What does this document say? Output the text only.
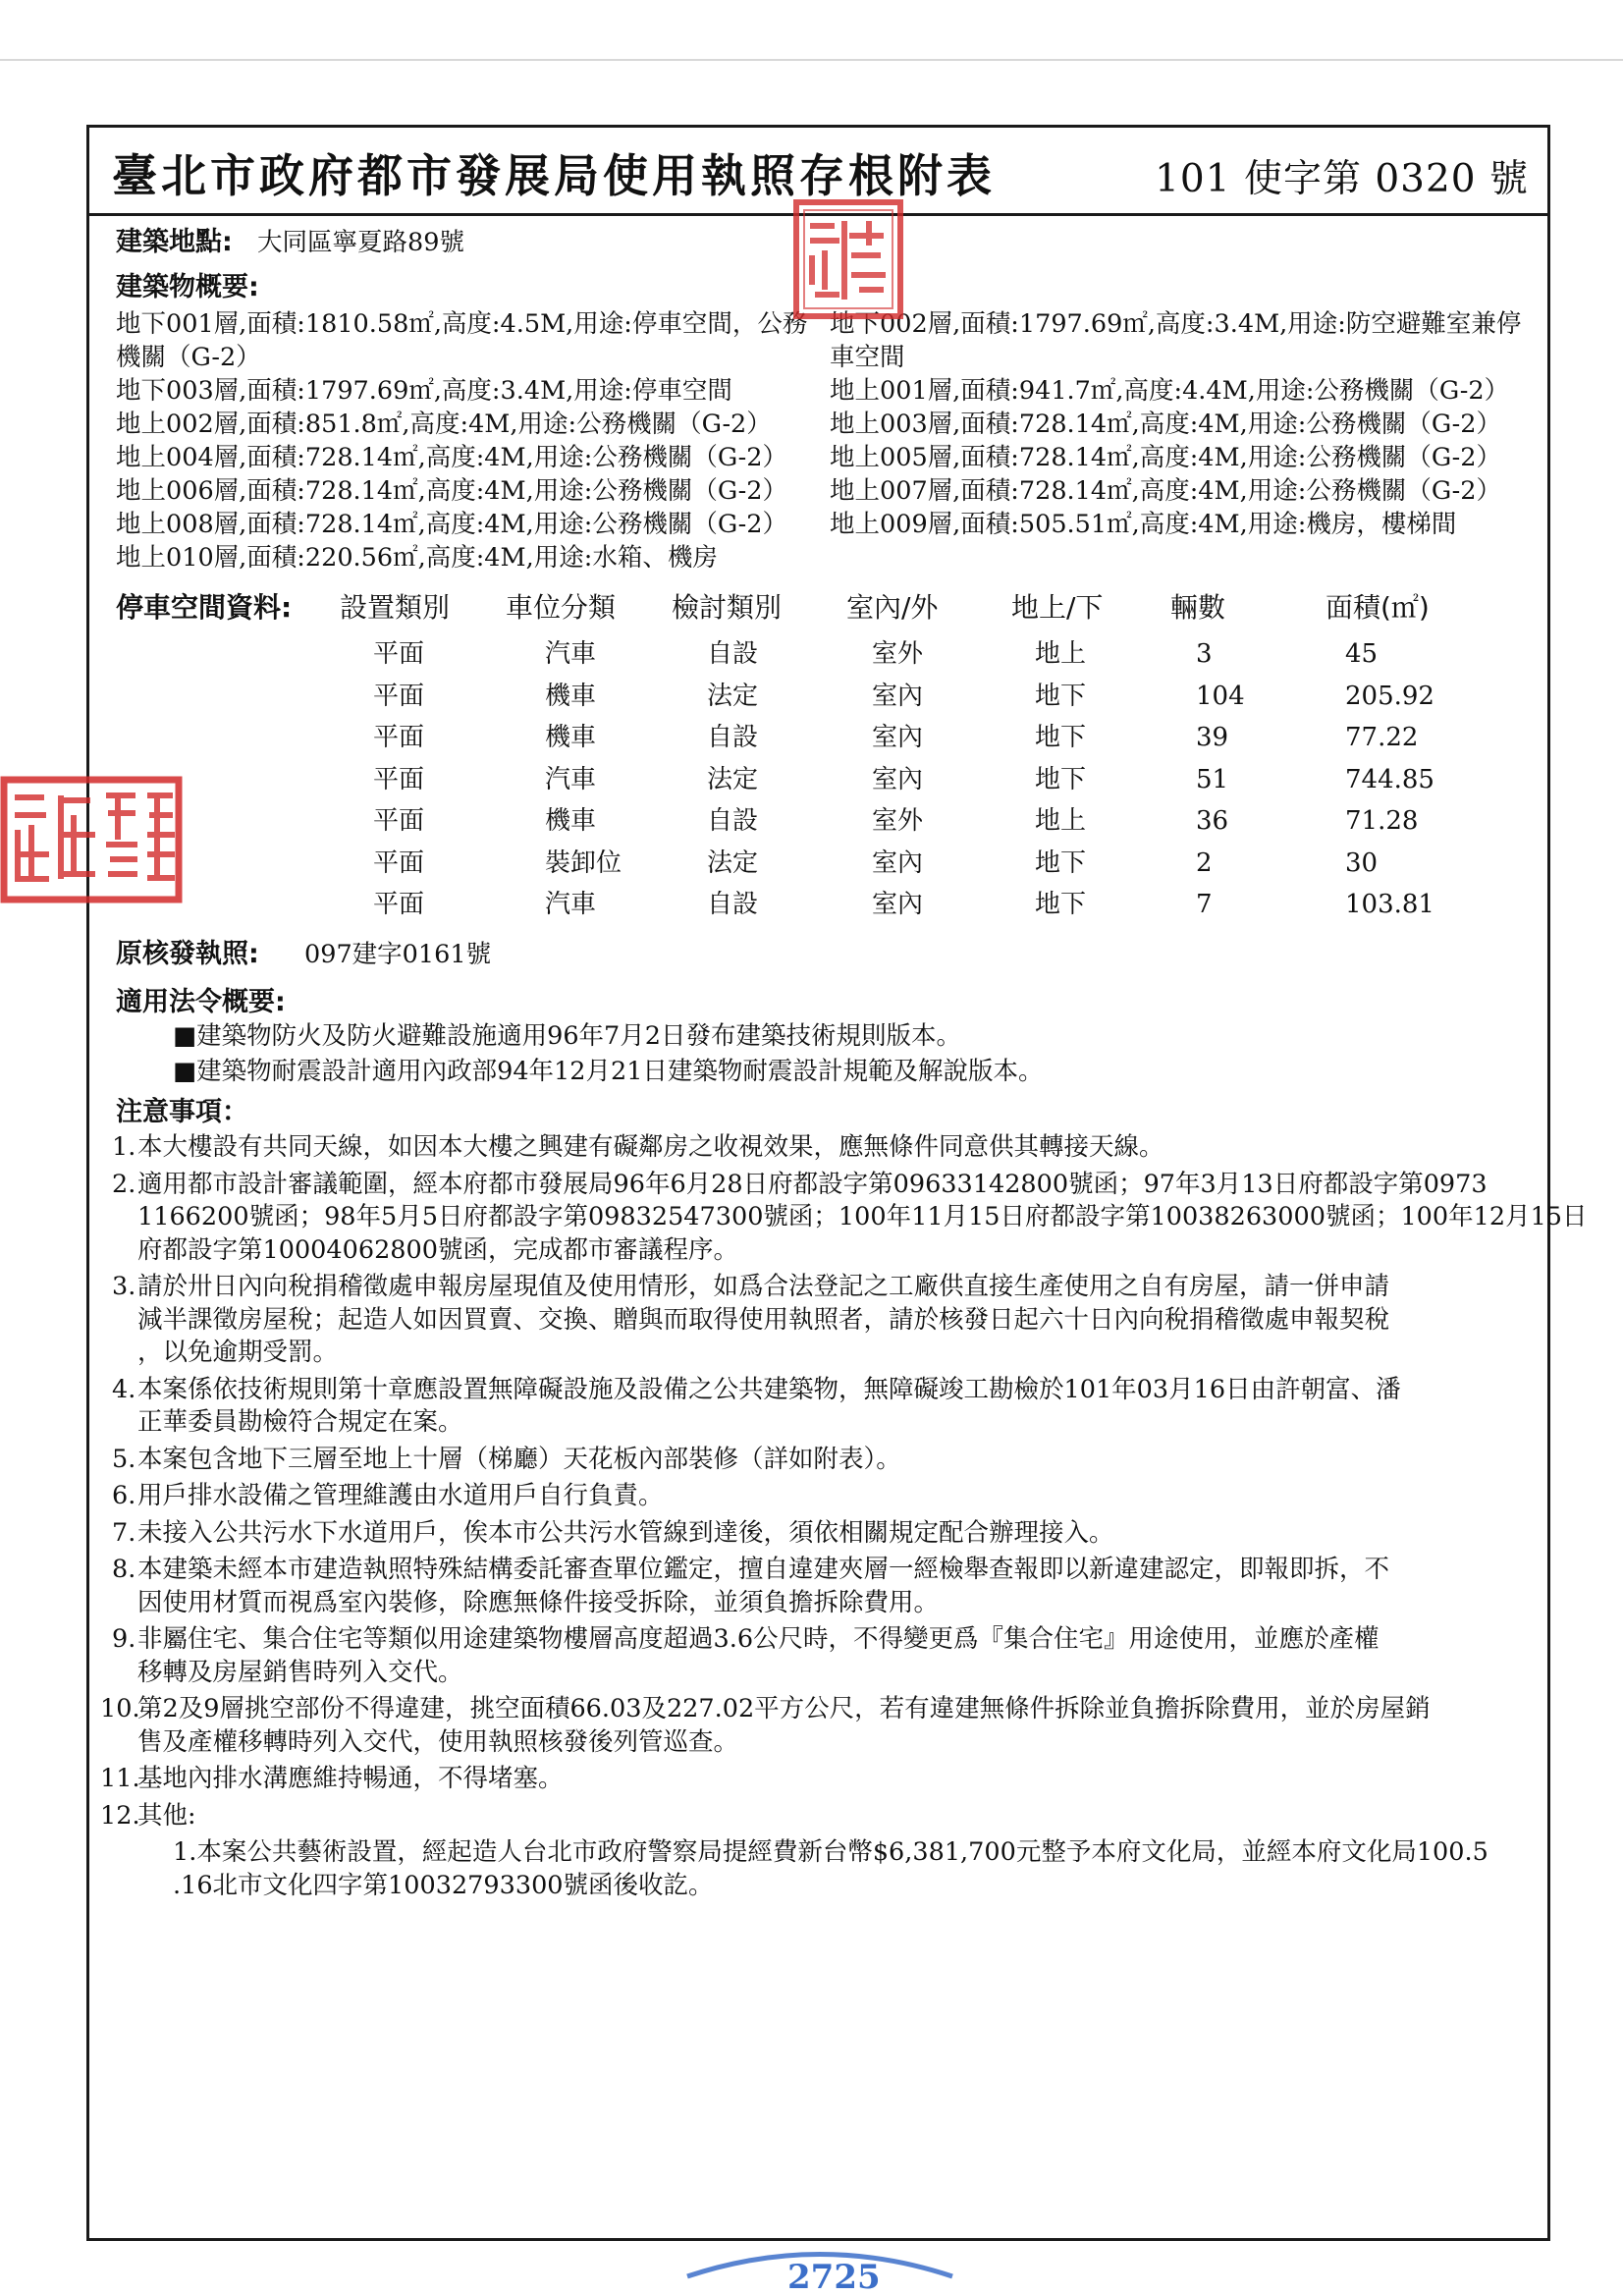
臺北市政府都市發展局使用執照存根附表	101 使字第 0320 號
建築地點: 大同區寧夏路89號
建築物概要:
地下001層,面積:1810.58㎡,高度:4.5M,用途:停車空間，公務
機關（G-2）
地下002層,面積:1797.69㎡,高度:3.4M,用途:防空避難室兼停
車空間
地下003層,面積:1797.69㎡,高度:3.4M,用途:停車空間	地上001層,面積:941.7㎡,高度:4.4M,用途:公務機關（G-2）
地上002層,面積:851.8㎡,高度:4M,用途:公務機關（G-2） 地上003層,面積:728.14㎡,高度:4M,用途:公務機關（G-2）
地上004層,面積:728.14㎡,高度:4M,用途:公務機關（G-2） 地上005層,面積:728.14㎡,高度:4M,用途:公務機關（G-2）
地上006層,面積:728.14㎡,高度:4M,用途:公務機關（G-2） 地上007層,面積:728.14㎡,高度:4M,用途:公務機關（G-2）
地上008層,面積:728.14㎡,高度:4M,用途:公務機關（G-2） 地上009層,面積:505.51㎡,高度:4M,用途:機房，樓梯間
地上010層,面積:220.56㎡,高度:4M,用途:水箱、機房
停車空間資料: 設置類別 車位分類 檢討類別 室內/外	地上/下 輛數	面積(㎡)
平面	汽車	自設	室外	地上	3	45
平面	機車	法定	室內	地下	104	205.92
平面	機車	自設	室內	地下	39	77.22
平面	汽車	法定	室內	地下	51	744.85
平面	機車	自設	室外	地上	36	71.28
平面	裝卸位	法定	室內	地下	2	30
平面	汽車	自設	室內	地下	7	103.81
原核發執照: 097建字0161號
適用法令概要:
■建築物防火及防火避難設施適用96年7月2日發布建築技術規則版本。
■建築物耐震設計適用內政部94年12月21日建築物耐震設計規範及解說版本。
注意事項：
1. 本大樓設有共同天線，如因本大樓之興建有礙鄰房之收視效果，應無條件同意供其轉接天線。
2. 適用都市設計審議範圍，經本府都市發展局96年6月28日府都設字第09633142800號函；97年3月13日府都設字第0973
1166200號函；98年5月5日府都設字第09832547300號函；100年11月15日府都設字第10038263000號函；100年12月15日
府都設字第10004062800號函，完成都市審議程序。
3. 請於卅日內向稅捐稽徵處申報房屋現值及使用情形，如爲合法登記之工廠供直接生產使用之自有房屋，請一併申請
減半課徵房屋稅；起造人如因買賣、交換、贈與而取得使用執照者，請於核發日起六十日內向稅捐稽徵處申報契稅
，以免逾期受罰。
4. 本案係依技術規則第十章應設置無障礙設施及設備之公共建築物，無障礙竣工勘檢於101年03月16日由許朝富、潘
正華委員勘檢符合規定在案。
5. 本案包含地下三層至地上十層（梯廳）天花板內部裝修（詳如附表）。
6. 用戶排水設備之管理維護由水道用戶自行負責。
7. 未接入公共污水下水道用戶，俟本市公共污水管線到達後，須依相關規定配合辦理接入。
8. 本建築未經本市建造執照特殊結構委託審查單位鑑定，擅自違建夾層一經檢舉查報即以新違建認定，即報即拆，不
因使用材質而視爲室內裝修，除應無條件接受拆除，並須負擔拆除費用。
9. 非屬住宅、集合住宅等類似用途建築物樓層高度超過3.6公尺時，不得變更爲『集合住宅』用途使用，並應於產權
移轉及房屋銷售時列入交代。
10.
第2及9層挑空部份不得違建，挑空面積66.03及227.02平方公尺，若有違建無條件拆除並負擔拆除費用，並於房屋銷
售及產權移轉時列入交代，使用執照核發後列管巡查。
11.
基地內排水溝應維持暢通，不得堵塞。
12.
其他:
1.本案公共藝術設置，經起造人台北市政府警察局提經費新台幣$6,381,700元整予本府文化局，並經本府文化局100.5
.16北市文化四字第10032793300號函後收訖。
2725
